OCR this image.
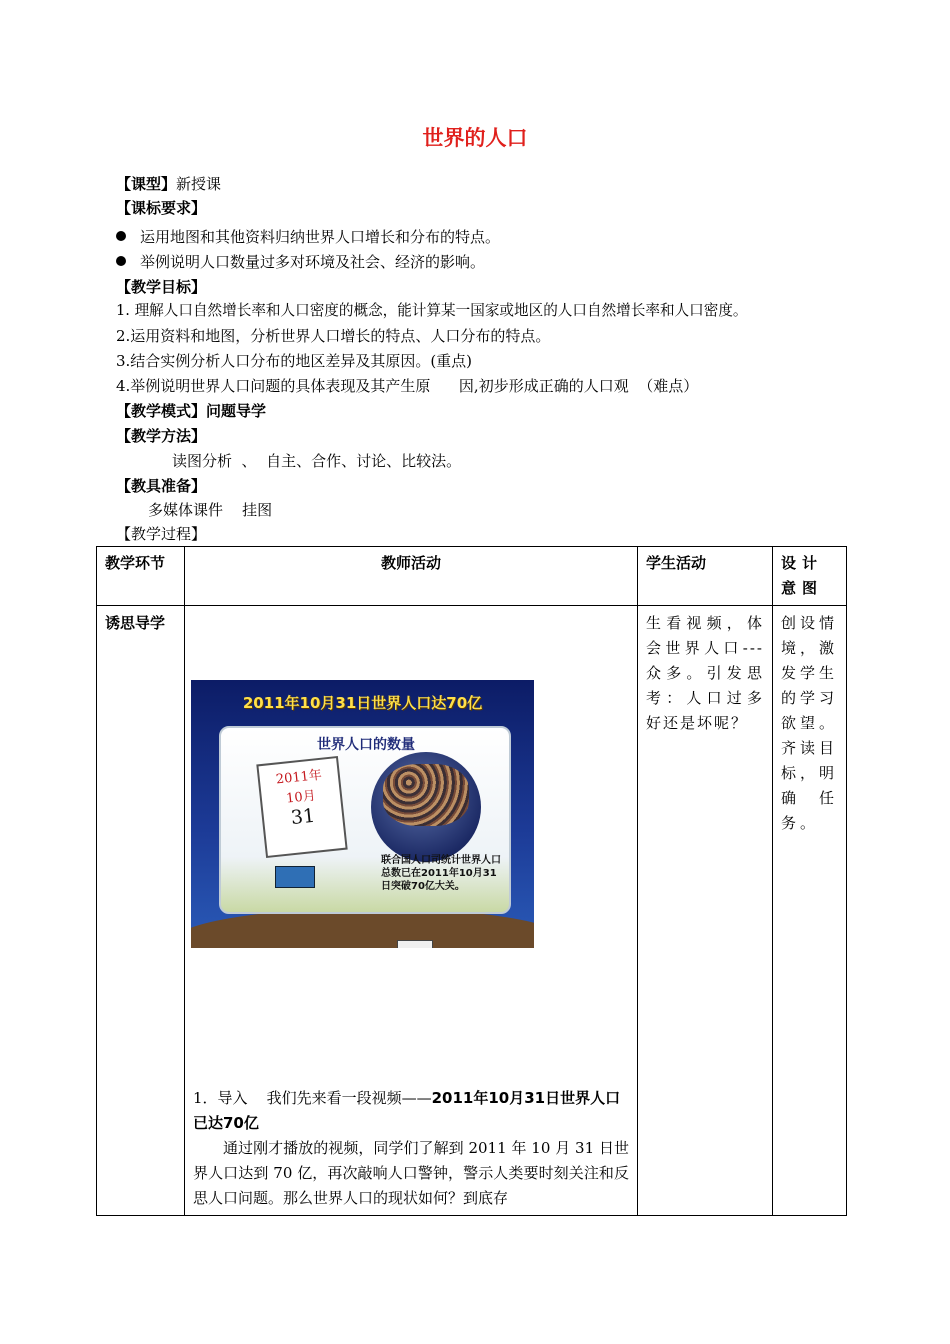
世界的人口
【课型】新授课
【课标要求】
运用地图和其他资料归纳世界人口增长和分布的特点。
举例说明人口数量过多对环境及社会、经济的影响。
【教学目标】
1. 理解人口自然增长率和人口密度的概念，能计算某一国家或地区的人口自然增长率和人口密度。
2.运用资料和地图，分析世界人口增长的特点、人口分布的特点。
3.结合实例分析人口分布的地区差异及其原因。(重点)
4.举例说明世界人口问题的具体表现及其产生原      因,初步形成正确的人口观  （难点）
【教学模式】问题导学
【教学方法】
读图分析  、  自主、合作、讨论、比较法。
【教具准备】
多媒体课件    挂图
【教学过程】
教学环节	教师活动	学生活动	设计意图
诱思导学	1．导入    我们先来看一段视频——2011年10月31日世界人口已达70亿
通过刚才播放的视频，同学们了解到 2011 年 10 月 31 日世界人口达到 70 亿，再次敲响人口警钟，警示人类要时刻关注和反思人口问题。那么世界人口的现状如何？到底存	生看视频，体会世界人口---众多。引发思考：人口过多好还是坏呢？	创设情境，激发学生的学习欲望。齐读目标，明确任务。
2011年10月31日世界人口达70亿
世界人口的数量
2011年
10月
31
联合国人口司统计世界人口总数已在2011年10月31日突破70亿大关。
